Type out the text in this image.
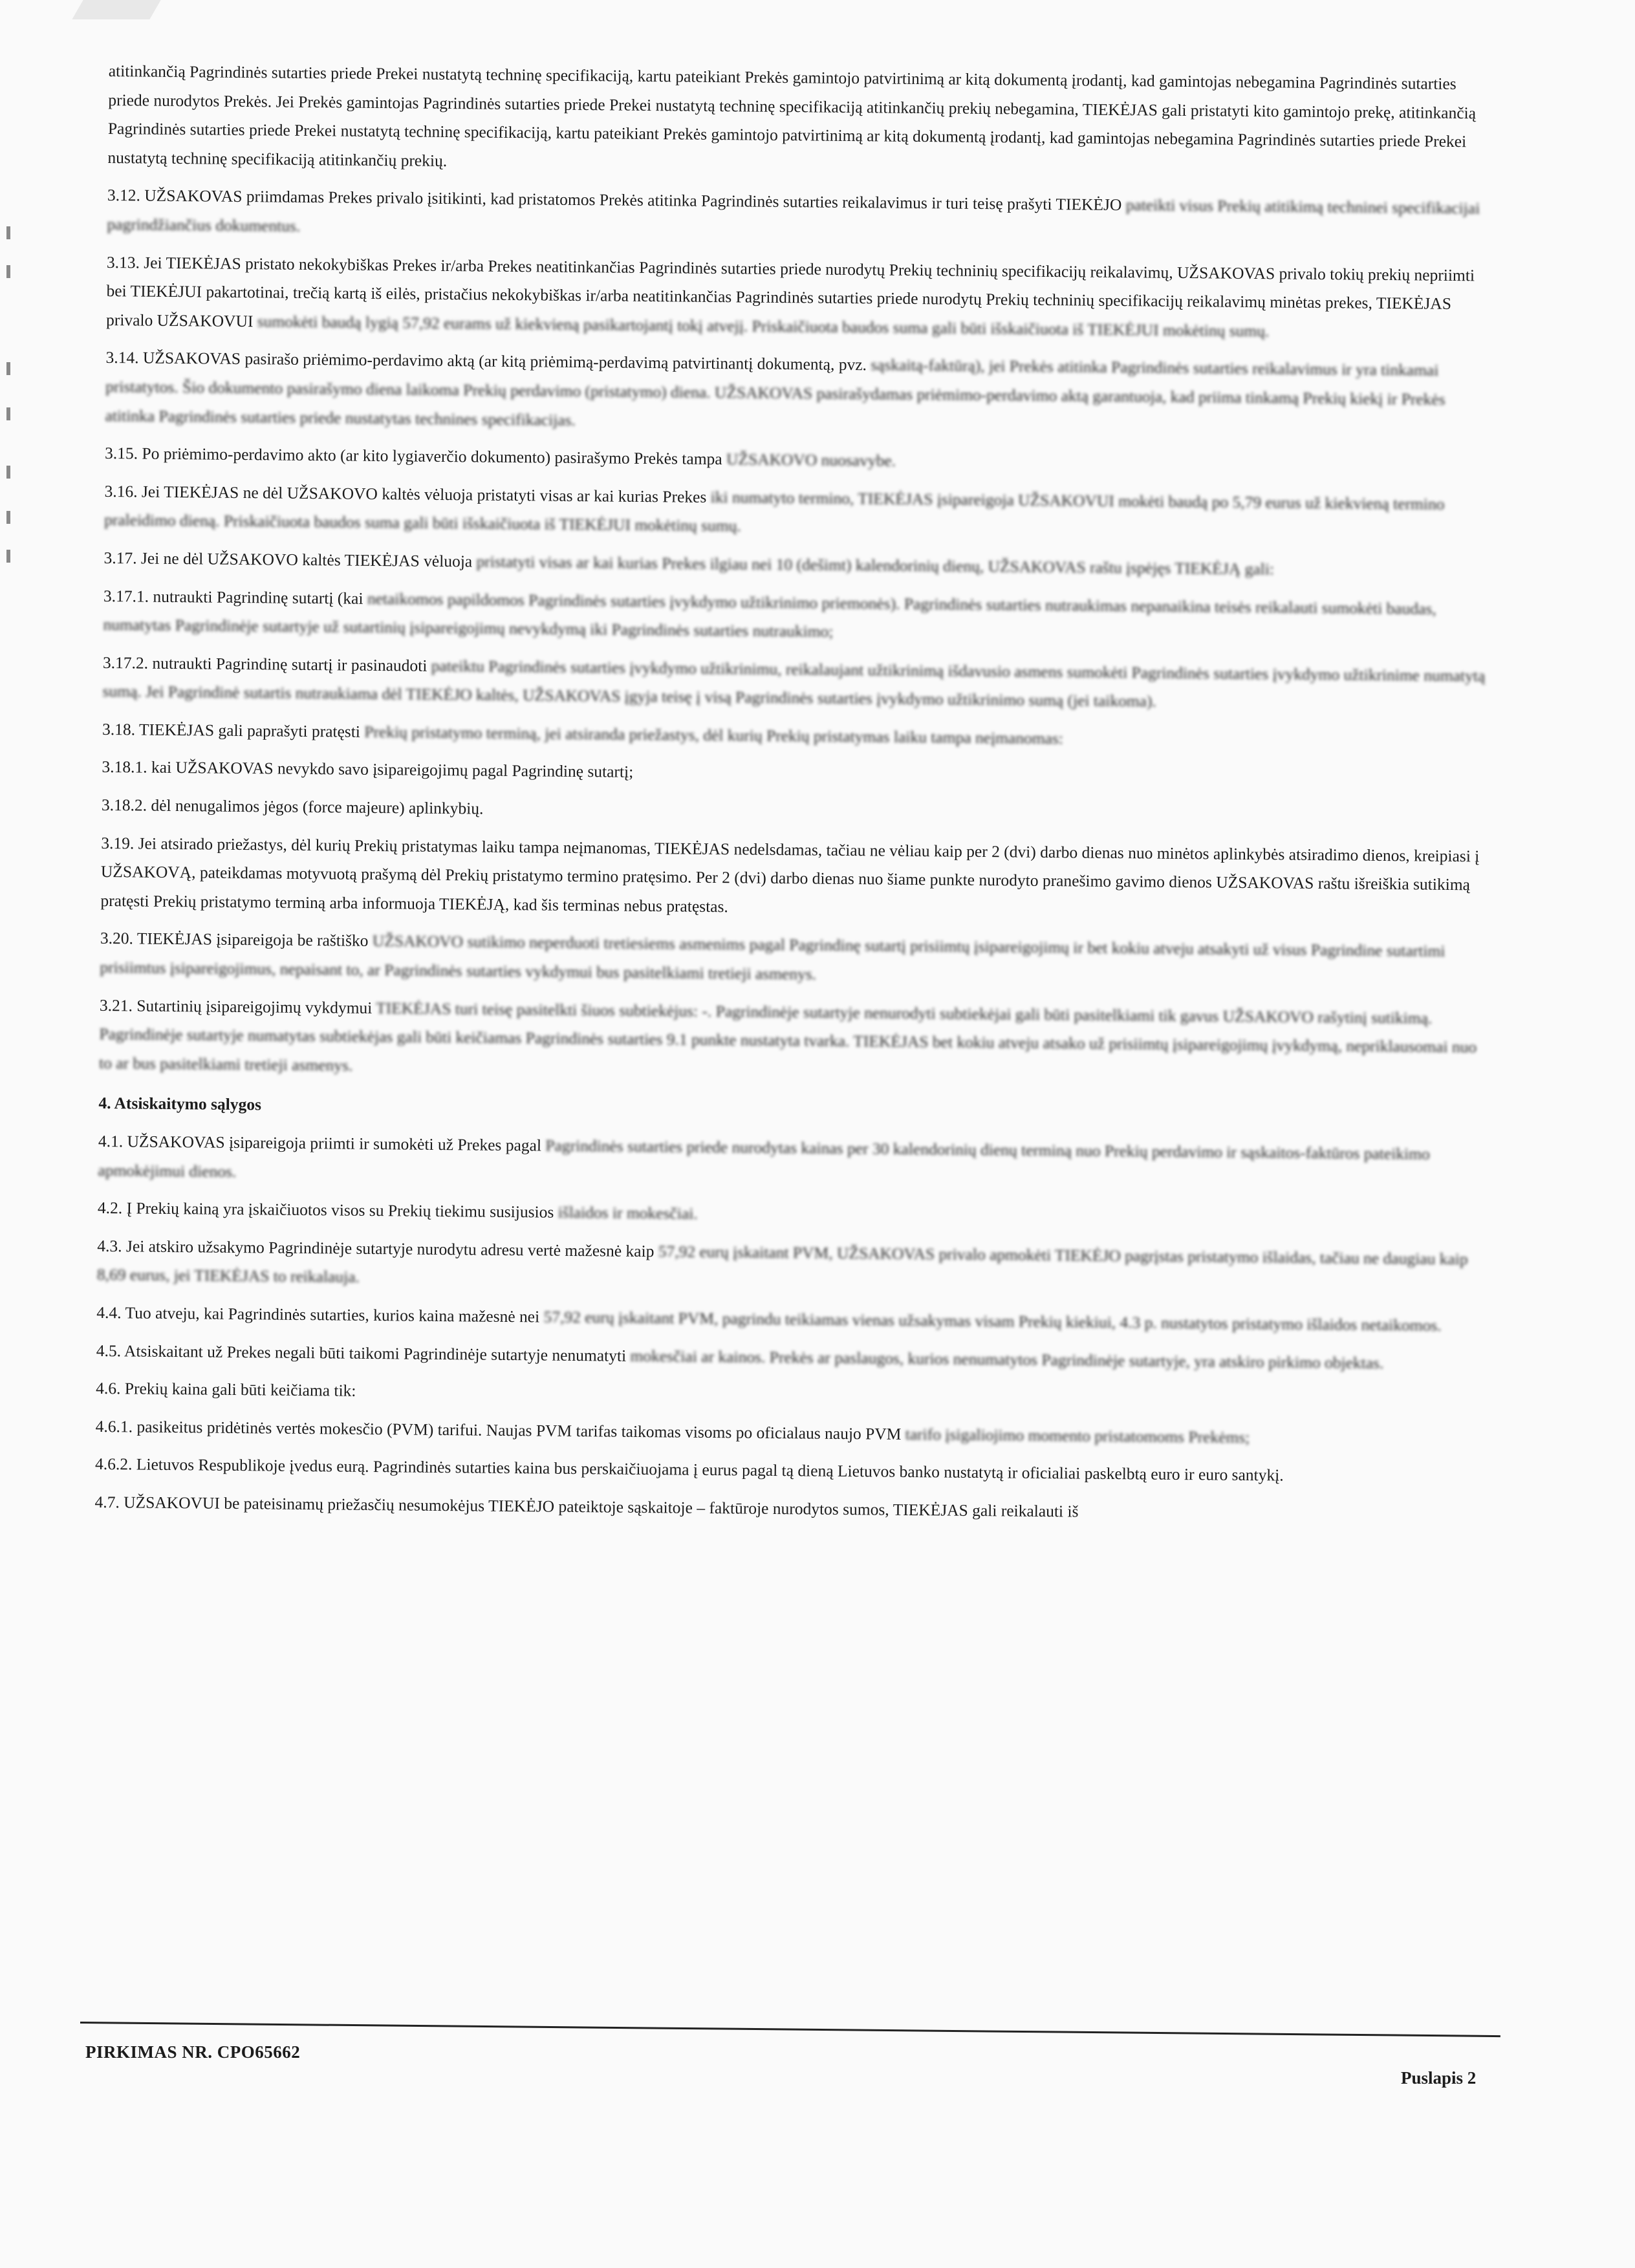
atitinkančią Pagrindinės sutarties priede Prekei nustatytą techninę specifikaciją, kartu pateikiant Prekės gamintojo patvirtinimą ar kitą dokumentą įrodantį, kad gamintojas nebegamina Pagrindinės sutarties priede nurodytos Prekės. Jei Prekės gamintojas Pagrindinės sutarties priede Prekei nustatytą techninę specifikaciją atitinkančių prekių nebegamina, TIEKĖJAS gali pristatyti kito gamintojo prekę, atitinkančią Pagrindinės sutarties priede Prekei nustatytą techninę specifikaciją, kartu pateikiant Prekės gamintojo patvirtinimą ar kitą dokumentą įrodantį, kad gamintojas nebegamina Pagrindinės sutarties priede Prekei nustatytą techninę specifikaciją atitinkančių prekių.

3.12. UŽSAKOVAS priimdamas Prekes privalo įsitikinti, kad pristatomos Prekės atitinka Pagrindinės sutarties reikalavimus ir turi teisę prašyti TIEKĖJO pateikti visus Prekių atitikimą techninei specifikacijai pagrindžiančius dokumentus.

3.13. Jei TIEKĖJAS pristato nekokybiškas Prekes ir/arba Prekes neatitinkančias Pagrindinės sutarties priede nurodytų Prekių techninių specifikacijų reikalavimų, UŽSAKOVAS privalo tokių prekių nepriimti bei TIEKĖJUI pakartotinai, trečią kartą iš eilės, pristačius nekokybiškas ir/arba neatitinkančias Pagrindinės sutarties priede nurodytų Prekių techninių specifikacijų reikalavimų minėtas prekes, TIEKĖJAS privalo UŽSAKOVUI sumokėti baudą lygią 57,92 eurams už kiekvieną pasikartojantį tokį atvejį. Priskaičiuota baudos suma gali būti išskaičiuota iš TIEKĖJUI mokėtinų sumų.

3.14. UŽSAKOVAS pasirašo priėmimo-perdavimo aktą (ar kitą priėmimą-perdavimą patvirtinantį dokumentą, pvz. sąskaitą-faktūrą), jei Prekės atitinka Pagrindinės sutarties reikalavimus ir yra tinkamai pristatytos. Šio dokumento pasirašymo diena laikoma Prekių perdavimo (pristatymo) diena. UŽSAKOVAS pasirašydamas priėmimo-perdavimo aktą garantuoja, kad priima tinkamą Prekių kiekį ir Prekės atitinka Pagrindinės sutarties priede nustatytas technines specifikacijas.

3.15. Po priėmimo-perdavimo akto (ar kito lygiaverčio dokumento) pasirašymo Prekės tampa UŽSAKOVO nuosavybe.

3.16. Jei TIEKĖJAS ne dėl UŽSAKOVO kaltės vėluoja pristatyti visas ar kai kurias Prekes iki numatyto termino, TIEKĖJAS įsipareigoja UŽSAKOVUI mokėti baudą po 5,79 eurus už kiekvieną termino praleidimo dieną. Priskaičiuota baudos suma gali būti išskaičiuota iš TIEKĖJUI mokėtinų sumų.

3.17. Jei ne dėl UŽSAKOVO kaltės TIEKĖJAS vėluoja pristatyti visas ar kai kurias Prekes ilgiau nei 10 (dešimt) kalendorinių dienų, UŽSAKOVAS raštu įspėjęs TIEKĖJĄ gali:

3.17.1. nutraukti Pagrindinę sutartį (kai netaikomos papildomos Pagrindinės sutarties įvykdymo užtikrinimo priemonės). Pagrindinės sutarties nutraukimas nepanaikina teisės reikalauti sumokėti baudas, numatytas Pagrindinėje sutartyje už sutartinių įsipareigojimų nevykdymą iki Pagrindinės sutarties nutraukimo;

3.17.2. nutraukti Pagrindinę sutartį ir pasinaudoti pateiktu Pagrindinės sutarties įvykdymo užtikrinimu, reikalaujant užtikrinimą išdavusio asmens sumokėti Pagrindinės sutarties įvykdymo užtikrinime numatytą sumą. Jei Pagrindinė sutartis nutraukiama dėl TIEKĖJO kaltės, UŽSAKOVAS įgyja teisę į visą Pagrindinės sutarties įvykdymo užtikrinimo sumą (jei taikoma).

3.18. TIEKĖJAS gali paprašyti pratęsti Prekių pristatymo terminą, jei atsiranda priežastys, dėl kurių Prekių pristatymas laiku tampa neįmanomas:

3.18.1. kai UŽSAKOVAS nevykdo savo įsipareigojimų pagal Pagrindinę sutartį;

3.18.2. dėl nenugalimos jėgos (force majeure) aplinkybių.

3.19. Jei atsirado priežastys, dėl kurių Prekių pristatymas laiku tampa neįmanomas, TIEKĖJAS nedelsdamas, tačiau ne vėliau kaip per 2 (dvi) darbo dienas nuo minėtos aplinkybės atsiradimo dienos, kreipiasi į UŽSAKOVĄ, pateikdamas motyvuotą prašymą dėl Prekių pristatymo termino pratęsimo. Per 2 (dvi) darbo dienas nuo šiame punkte nurodyto pranešimo gavimo dienos UŽSAKOVAS raštu išreiškia sutikimą pratęsti Prekių pristatymo terminą arba informuoja TIEKĖJĄ, kad šis terminas nebus pratęstas.

3.20. TIEKĖJAS įsipareigoja be raštiško UŽSAKOVO sutikimo neperduoti tretiesiems asmenims pagal Pagrindinę sutartį prisiimtų įsipareigojimų ir bet kokiu atveju atsakyti už visus Pagrindine sutartimi prisiimtus įsipareigojimus, nepaisant to, ar Pagrindinės sutarties vykdymui bus pasitelkiami tretieji asmenys.

3.21. Sutartinių įsipareigojimų vykdymui TIEKĖJAS turi teisę pasitelkti šiuos subtiekėjus: -. Pagrindinėje sutartyje nenurodyti subtiekėjai gali būti pasitelkiami tik gavus UŽSAKOVO rašytinį sutikimą. Pagrindinėje sutartyje numatytas subtiekėjas gali būti keičiamas Pagrindinės sutarties 9.1 punkte nustatyta tvarka. TIEKĖJAS bet kokiu atveju atsako už prisiimtų įsipareigojimų įvykdymą, nepriklausomai nuo to ar bus pasitelkiami tretieji asmenys.

4. Atsiskaitymo sąlygos

4.1. UŽSAKOVAS įsipareigoja priimti ir sumokėti už Prekes pagal Pagrindinės sutarties priede nurodytas kainas per 30 kalendorinių dienų terminą nuo Prekių perdavimo ir sąskaitos-faktūros pateikimo apmokėjimui dienos.

4.2. Į Prekių kainą yra įskaičiuotos visos su Prekių tiekimu susijusios išlaidos ir mokesčiai.

4.3. Jei atskiro užsakymo Pagrindinėje sutartyje nurodytu adresu vertė mažesnė kaip 57,92 eurų įskaitant PVM, UŽSAKOVAS privalo apmokėti TIEKĖJO pagrįstas pristatymo išlaidas, tačiau ne daugiau kaip 8,69 eurus, jei TIEKĖJAS to reikalauja.

4.4. Tuo atveju, kai Pagrindinės sutarties, kurios kaina mažesnė nei 57,92 eurų įskaitant PVM, pagrindu teikiamas vienas užsakymas visam Prekių kiekiui, 4.3 p. nustatytos pristatymo išlaidos netaikomos.

4.5. Atsiskaitant už Prekes negali būti taikomi Pagrindinėje sutartyje nenumatyti mokesčiai ar kainos. Prekės ar paslaugos, kurios nenumatytos Pagrindinėje sutartyje, yra atskiro pirkimo objektas.

4.6. Prekių kaina gali būti keičiama tik:

4.6.1. pasikeitus pridėtinės vertės mokesčio (PVM) tarifui. Naujas PVM tarifas taikomas visoms po oficialaus naujo PVM tarifo įsigaliojimo momento pristatomoms Prekėms;

4.6.2. Lietuvos Respublikoje įvedus eurą. Pagrindinės sutarties kaina bus perskaičiuojama į eurus pagal tą dieną Lietuvos banko nustatytą ir oficialiai paskelbtą euro ir euro santykį.

4.7. UŽSAKOVUI be pateisinamų priežasčių nesumokėjus TIEKĖJO pateiktoje sąskaitoje – faktūroje nurodytos sumos, TIEKĖJAS gali reikalauti iš

PIRKIMAS NR. CPO65662
Puslapis 2
